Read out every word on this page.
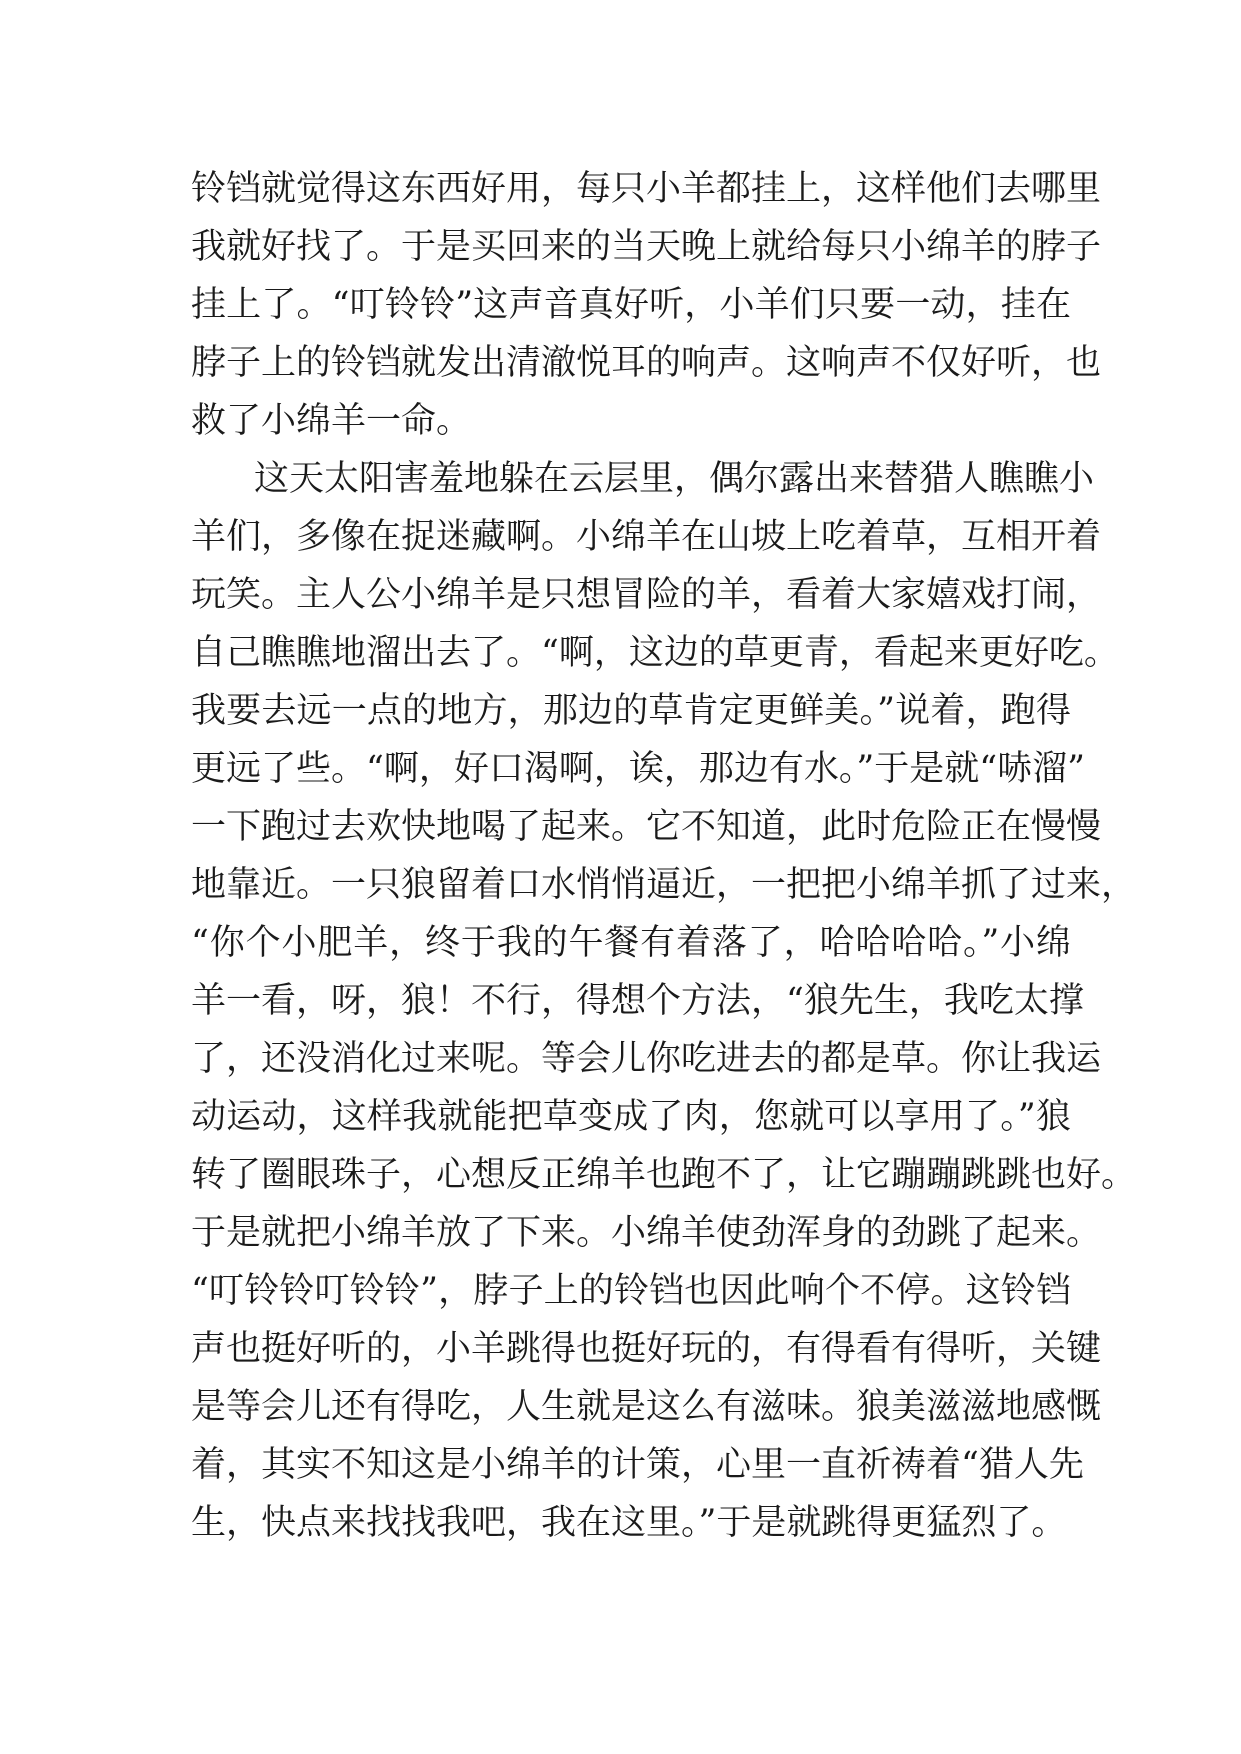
铃铛就觉得这东西好用，每只小羊都挂上，这样他们去哪里
我就好找了。于是买回来的当天晚上就给每只小绵羊的脖子
挂上了。“叮铃铃”这声音真好听，小羊们只要一动，挂在
脖子上的铃铛就发出清澈悦耳的响声。这响声不仅好听，也
救了小绵羊一命。
这天太阳害羞地躲在云层里，偶尔露出来替猎人瞧瞧小
羊们，多像在捉迷藏啊。小绵羊在山坡上吃着草，互相开着
玩笑。主人公小绵羊是只想冒险的羊，看着大家嬉戏打闹，
自己瞧瞧地溜出去了。“啊，这边的草更青，看起来更好吃。
我要去远一点的地方，那边的草肯定更鲜美。”说着，跑得
更远了些。“啊，好口渴啊，诶，那边有水。”于是就“哧溜”
一下跑过去欢快地喝了起来。它不知道，此时危险正在慢慢
地靠近。一只狼留着口水悄悄逼近，一把把小绵羊抓了过来，
“你个小肥羊，终于我的午餐有着落了，哈哈哈哈。”小绵
羊一看，呀，狼！不行，得想个方法，“狼先生，我吃太撑
了，还没消化过来呢。等会儿你吃进去的都是草。你让我运
动运动，这样我就能把草变成了肉，您就可以享用了。”狼
转了圈眼珠子，心想反正绵羊也跑不了，让它蹦蹦跳跳也好。
于是就把小绵羊放了下来。小绵羊使劲浑身的劲跳了起来。
“叮铃铃叮铃铃”，脖子上的铃铛也因此响个不停。这铃铛
声也挺好听的，小羊跳得也挺好玩的，有得看有得听，关键
是等会儿还有得吃，人生就是这么有滋味。狼美滋滋地感慨
着，其实不知这是小绵羊的计策，心里一直祈祷着“猎人先
生，快点来找找我吧，我在这里。”于是就跳得更猛烈了。
